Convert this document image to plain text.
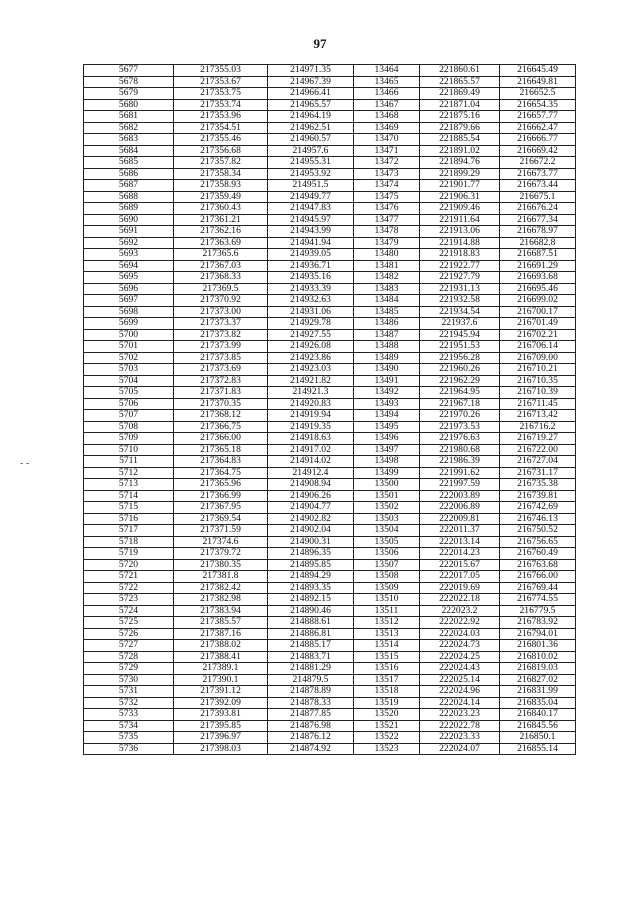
97
- ‑
5677	217355.03	214971.35	13464	221860.61	216645.49
5678	217353.67	214967.39	13465	221865.57	216649.81
5679	217353.75	214966.41	13466	221869.49	216652.5
5680	217353.74	214965.57	13467	221871.04	216654.35
5681	217353.96	214964.19	13468	221875.16	216657.77
5682	217354.51	214962.51	13469	221879.66	216662.47
5683	217355.46	214960.57	13470	221885.54	216666.77
5684	217356.68	214957.6	13471	221891.02	216669.42
5685	217357.82	214955.31	13472	221894.76	216672.2
5686	217358.34	214953.92	13473	221899.29	216673.77
5687	217358.93	214951.5	13474	221901.77	216673.44
5688	217359.49	214949.77	13475	221906.31	216675.1
5689	217360.43	214947.83	13476	221909.46	216676.24
5690	217361.21	214945.97	13477	221911.64	216677.34
5691	217362.16	214943.99	13478	221913.06	216678.97
5692	217363.69	214941.94	13479	221914.88	216682.8
5693	217365.6	214939.05	13480	221918.83	216687.51
5694	217367.03	214936.71	13481	221922.77	216691.29
5695	217368.33	214935.16	13482	221927.79	216693.68
5696	217369.5	214933.39	13483	221931.13	216695.46
5697	217370.92	214932.63	13484	221932.58	216699.02
5698	217373.00	214931.06	13485	221934.54	216700.17
5699	217373.37	214929.78	13486	221937.6	216701.49
5700	217373.82	214927.55	13487	221945.94	216702.21
5701	217373.99	214926.08	13488	221951.53	216706.14
5702	217373.85	214923.86	13489	221956.28	216709.00
5703	217373.69	214923.03	13490	221960.26	216710.21
5704	217372.83	214921.82	13491	221962.29	216710.35
5705	217371.83	214921.3	13492	221964.95	216710.39
5706	217370.35	214920.83	13493	221967.18	216711.45
5707	217368.12	214919.94	13494	221970.26	216713.42
5708	217366.75	214919.35	13495	221973.53	216716.2
5709	217366.00	214918.63	13496	221976.63	216719.27
5710	217365.18	214917.02	13497	221980.68	216722.00
5711	217364.83	214914.02	13498	221986.39	216727.04
5712	217364.75	214912.4	13499	221991.62	216731.17
5713	217365.96	214908.94	13500	221997.59	216735.38
5714	217366.99	214906.26	13501	222003.89	216739.81
5715	217367.95	214904.77	13502	222006.89	216742.69
5716	217369.54	214902.82	13503	222009.81	216746.13
5717	217371.59	214902.04	13504	222011.37	216750.52
5718	217374.6	214900.31	13505	222013.14	216756.65
5719	217379.72	214896.35	13506	222014.23	216760.49
5720	217380.35	214895.85	13507	222015.67	216763.68
5721	217381.8	214894.29	13508	222017.05	216766.00
5722	217382.42	214893.35	13509	222019.69	216769.44
5723	217382.98	214892.15	13510	222022.18	216774.55
5724	217383.94	214890.46	13511	222023.2	216779.5
5725	217385.57	214888.61	13512	222022.92	216783.92
5726	217387.16	214886.81	13513	222024.03	216794.01
5727	217388.02	214885.17	13514	222024.73	216801.36
5728	217388.41	214883.71	13515	222024.25	216810.02
5729	217389.1	214881.29	13516	222024.43	216819.03
5730	217390.1	214879.5	13517	222025.14	216827.02
5731	217391.12	214878.89	13518	222024.96	216831.99
5732	217392.09	214878.33	13519	222024.14	216835.04
5733	217393.81	214877.85	13520	222023.23	216840.17
5734	217395.85	214876.98	13521	222022.78	216845.56
5735	217396.97	214876.12	13522	222023.33	216850.1
5736	217398.03	214874.92	13523	222024.07	216855.14
